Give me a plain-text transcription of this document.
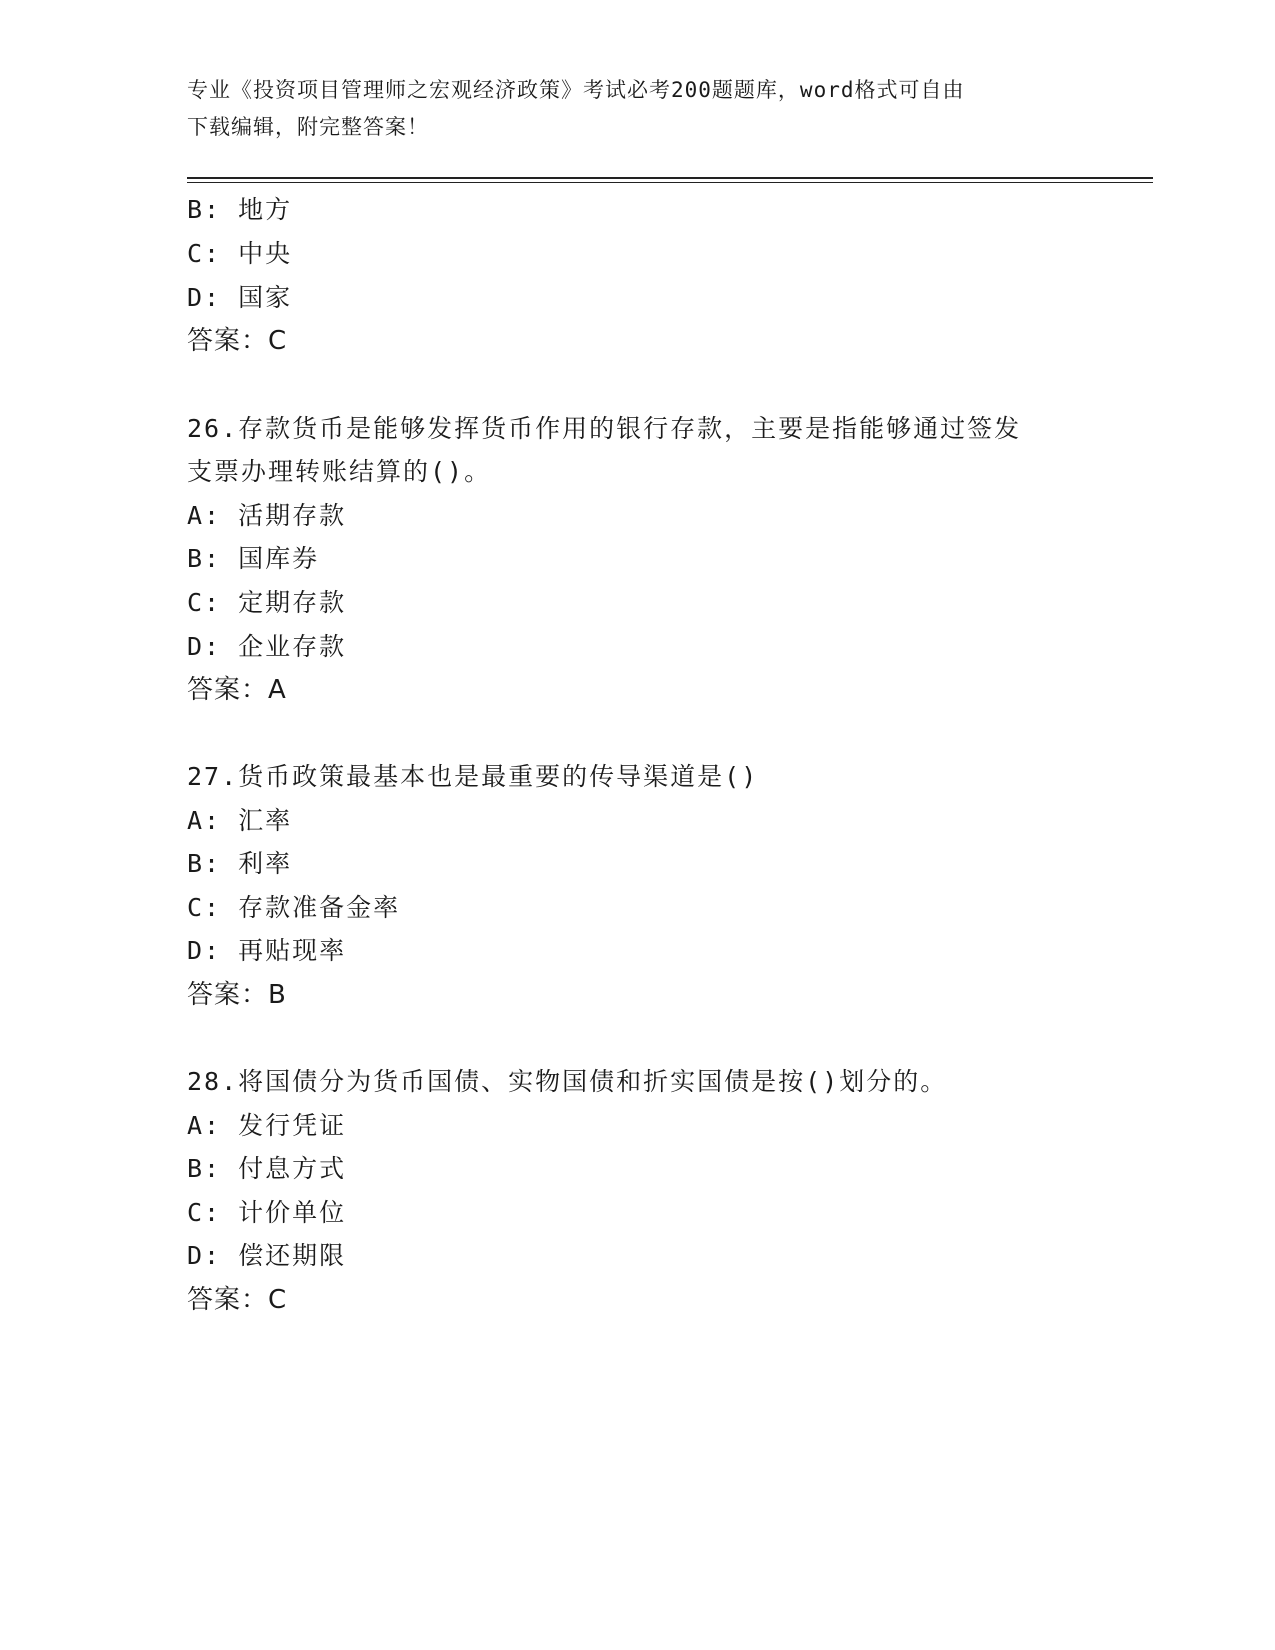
专业《投资项目管理师之宏观经济政策》考试必考200题题库，word格式可自由
下载编辑，附完整答案！
B: 地方
C: 中央
D: 国家
答案：C
26.存款货币是能够发挥货币作用的银行存款，主要是指能够通过签发
支票办理转账结算的()。
A: 活期存款
B: 国库券
C: 定期存款
D: 企业存款
答案：A
27.货币政策最基本也是最重要的传导渠道是()
A: 汇率
B: 利率
C: 存款准备金率
D: 再贴现率
答案：B
28.将国债分为货币国债、实物国债和折实国债是按()划分的。
A: 发行凭证
B: 付息方式
C: 计价单位
D: 偿还期限
答案：C
